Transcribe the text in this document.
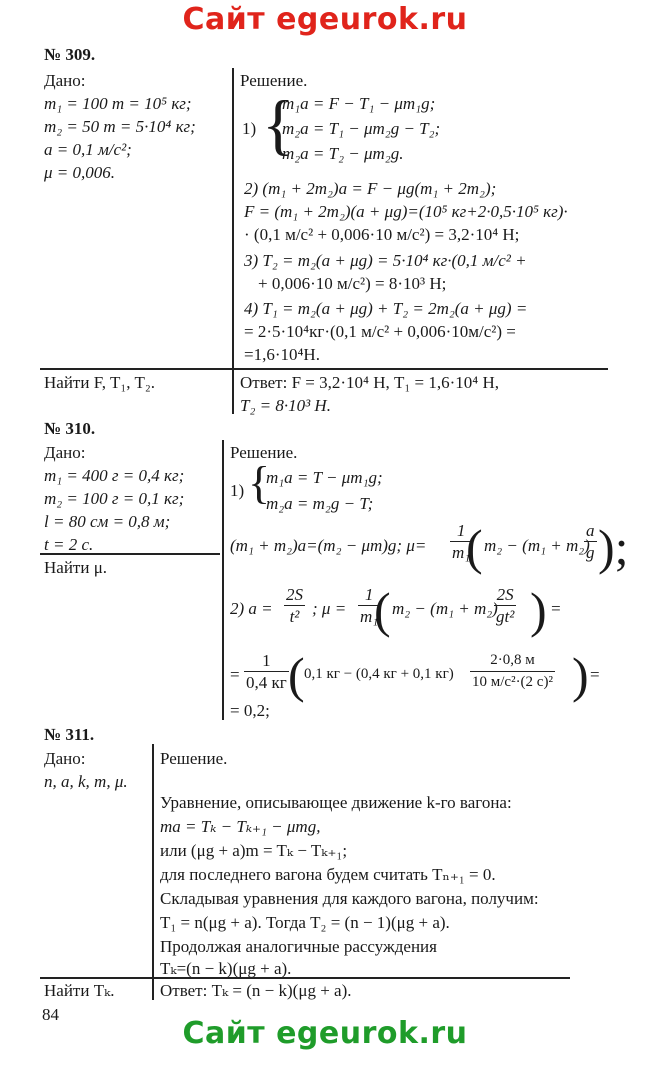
Сайт egeurok.ru
№ 309.
Дано:
m₁ = 100 т = 10⁵ кг;
m₂ = 50 т = 5·10⁴ кг;
a = 0,1 м/с²;
μ = 0,006.
Решение.
1) {
m₁a = F − T₁ − μm₁g;
m₂a = T₁ − μm₂g − T₂;
m₂a = T₂ − μm₂g.
2) (m₁ + 2m₂)a = F − μg(m₁ + 2m₂);
F = (m₁ + 2m₂)(a + μg)=(10⁵ кг+2·0,5·10⁵ кг)·
· (0,1 м/с² + 0,006·10 м/с²) = 3,2·10⁴ Н;
3) T₂ = m₂(a + μg) = 5·10⁴ кг·(0,1 м/с² +
+ 0,006·10 м/с²) = 8·10³ Н;
4) T₁ = m₂(a + μg) + T₂ = 2m₂(a + μg) =
= 2·5·10⁴кг·(0,1 м/с² + 0,006·10м/с²) =
=1,6·10⁴Н.
Найти F, T₁, T₂.	Ответ: F = 3,2·10⁴ Н, T₁ = 1,6·10⁴ Н,
T₂ = 8·10³ Н.
№ 310.
Дано:
m₁ = 400 г = 0,4 кг;
m₂ = 100 г = 0,1 кг;
l = 80 см = 0,8 м;
t = 2 с.
Найти μ.
Решение.
1) {
m₁a = T − μm₁g;
m₂a = m₂g − T;
(m₁ + m₂)a=(m₂ − μm)g; $\mu= \frac{1}{\text{m₁}}$
( m₂ − (m₁ + m₂)
$\frac{a}{g}$ );
2) $a = \frac{2S}{\text{t²}}$ ; $\mu = \frac{1}{\text{m₁}}$
( m₂ − (m₁ + m₂)
$\frac{2S}{\text{gt²}}$ ) =
=
1
0,4 кг ( 0,1 кг − (0,4 кг + 0,1 кг)
2·0,8 м
10 м/с²·(2 с)² ) =
= 0,2;
№ 311.
Дано:
n, a, k, m, μ.
Решение.
Уравнение, описывающее движение k-го вагона:
ma = Tₖ − Tₖ₊₁ − μmg,
или (μg + a)m = Tₖ − Tₖ₊₁;
для последнего вагона будем считать Tₙ₊₁ = 0.
Складывая уравнения для каждого вагона, получим:
T₁ = n(μg + a). Тогда T₂ = (n − 1)(μg + a).
Продолжая аналогичные рассуждения
Tₖ=(n − k)(μg + a).
Найти Tₖ.	Ответ: Tₖ = (n − k)(μg + a).
84
Сайт egeurok.ru
